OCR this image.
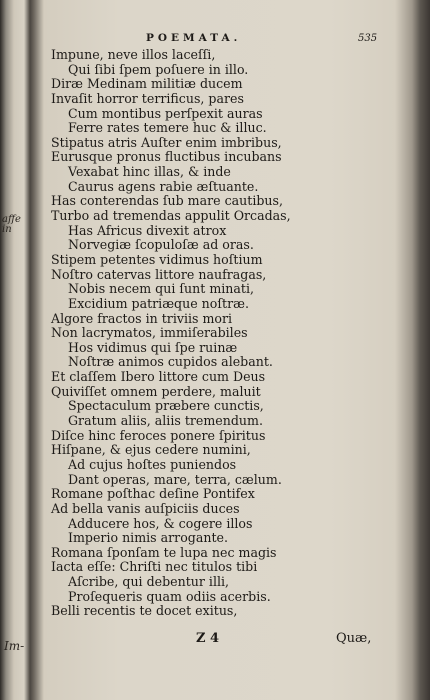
affe in
Im-
POEMATA.	535
Impune, neve illos laceſſi,
Qui ſibi ſpem poſuere in illo.
Diræ Medinam militiæ ducem
Invaſit horror terrificus, pares
Cum montibus perſpexit auras
Ferre rates temere huc & illuc.
Stipatus atris Auſter enim imbribus,
Eurusque pronus fluctibus incubans
Vexabat hinc illas, & inde
Caurus agens rabie æſtuante.
Has conterendas ſub mare cautibus,
Turbo ad tremendas appulit Orcadas,
Has Africus divexit atrox
Norvegiæ ſcopuloſæ ad oras.
Stipem petentes vidimus hoſtium
Noſtro catervas littore naufragas,
Nobis necem qui ſunt minati,
Excidium patriæque noſtræ.
Algore fractos in triviis mori
Non lacrymatos, immiſerabiles
Hos vidimus qui ſpe ruinæ
Noſtræ animos cupidos alebant.
Et claſſem Ibero littore cum Deus
Quiviſſet omnem perdere, maluit
Spectaculum præbere cunctis,
Gratum aliis, aliis tremendum.
Diſce hinc feroces ponere ſpiritus
Hiſpane, & ejus cedere numini,
Ad cujus hoſtes puniendos
Dant operas, mare, terra, cælum.
Romane poſthac deſine Pontifex
Ad bella vanis auſpiciis duces
Adducere hos, & cogere illos
Imperio nimis arrogante.
Romana ſponſam te lupa nec magis
Iacta eſſe: Chriſti nec titulos tibi
Aſcribe, qui debentur illi,
Proſequeris quam odiis acerbis.
Belli recentis te docet exitus,
Z 4	Quæ,
